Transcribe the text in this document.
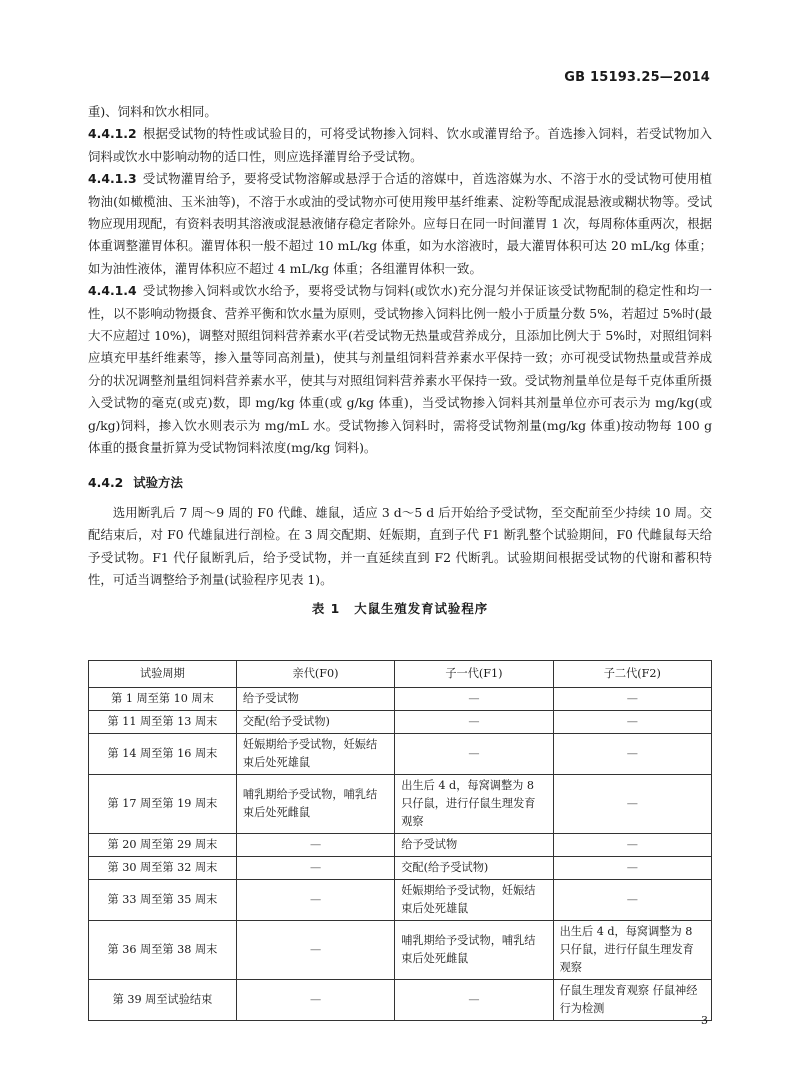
GB 15193.25—2014

重)、饲料和饮水相同。

4.4.1.2 根据受试物的特性或试验目的，可将受试物掺入饲料、饮水或灌胃给予。首选掺入饲料，若受试物加入饲料或饮水中影响动物的适口性，则应选择灌胃给予受试物。

4.4.1.3 受试物灌胃给予，要将受试物溶解或悬浮于合适的溶媒中，首选溶媒为水、不溶于水的受试物可使用植物油(如橄榄油、玉米油等)，不溶于水或油的受试物亦可使用羧甲基纤维素、淀粉等配成混悬液或糊状物等。受试物应现用现配，有资料表明其溶液或混悬液储存稳定者除外。应每日在同一时间灌胃 1 次，每周称体重两次，根据体重调整灌胃体积。灌胃体积一般不超过 10 mL/kg 体重，如为水溶液时，最大灌胃体积可达 20 mL/kg 体重；如为油性液体，灌胃体积应不超过 4 mL/kg 体重；各组灌胃体积一致。

4.4.1.4 受试物掺入饲料或饮水给予，要将受试物与饲料(或饮水)充分混匀并保证该受试物配制的稳定性和均一性，以不影响动物摄食、营养平衡和饮水量为原则，受试物掺入饲料比例一般小于质量分数 5%，若超过 5%时(最大不应超过 10%)，调整对照组饲料营养素水平(若受试物无热量或营养成分，且添加比例大于 5%时，对照组饲料应填充甲基纤维素等，掺入量等同高剂量)，使其与剂量组饲料营养素水平保持一致；亦可视受试物热量或营养成分的状况调整剂量组饲料营养素水平，使其与对照组饲料营养素水平保持一致。受试物剂量单位是每千克体重所摄入受试物的毫克(或克)数，即 mg/kg 体重(或 g/kg 体重)，当受试物掺入饲料其剂量单位亦可表示为 mg/kg(或 g/kg)饲料，掺入饮水则表示为 mg/mL 水。受试物掺入饲料时，需将受试物剂量(mg/kg 体重)按动物每 100 g 体重的摄食量折算为受试物饲料浓度(mg/kg 饲料)。

4.4.2 试验方法

选用断乳后 7 周～9 周的 F0 代雌、雄鼠，适应 3 d～5 d 后开始给予受试物，至交配前至少持续 10 周。交配结束后，对 F0 代雄鼠进行剖检。在 3 周交配期、妊娠期，直到子代 F1 断乳整个试验期间，F0 代雌鼠每天给予受试物。F1 代仔鼠断乳后，给予受试物，并一直延续直到 F2 代断乳。试验期间根据受试物的代谢和蓄积特性，可适当调整给予剂量(试验程序见表 1)。

表 1 大鼠生殖发育试验程序
试验周期	亲代(F0)	子一代(F1)	子二代(F2)
第 1 周至第 10 周末	给予受试物	—	—
第 11 周至第 13 周末	交配(给予受试物)	—	—
第 14 周至第 16 周末	妊娠期给予受试物，妊娠结束后处死雄鼠	—	—
第 17 周至第 19 周末	哺乳期给予受试物，哺乳结束后处死雌鼠	出生后 4 d，每窝调整为 8 只仔鼠，进行仔鼠生理发育观察	—
第 20 周至第 29 周末	—	给予受试物	—
第 30 周至第 32 周末	—	交配(给予受试物)	—
第 33 周至第 35 周末	—	妊娠期给予受试物，妊娠结束后处死雄鼠	—
第 36 周至第 38 周末	—	哺乳期给予受试物，哺乳结束后处死雌鼠	出生后 4 d，每窝调整为 8 只仔鼠，进行仔鼠生理发育观察
第 39 周至试验结束	—	—	仔鼠生理发育观察 仔鼠神经行为检测
3
